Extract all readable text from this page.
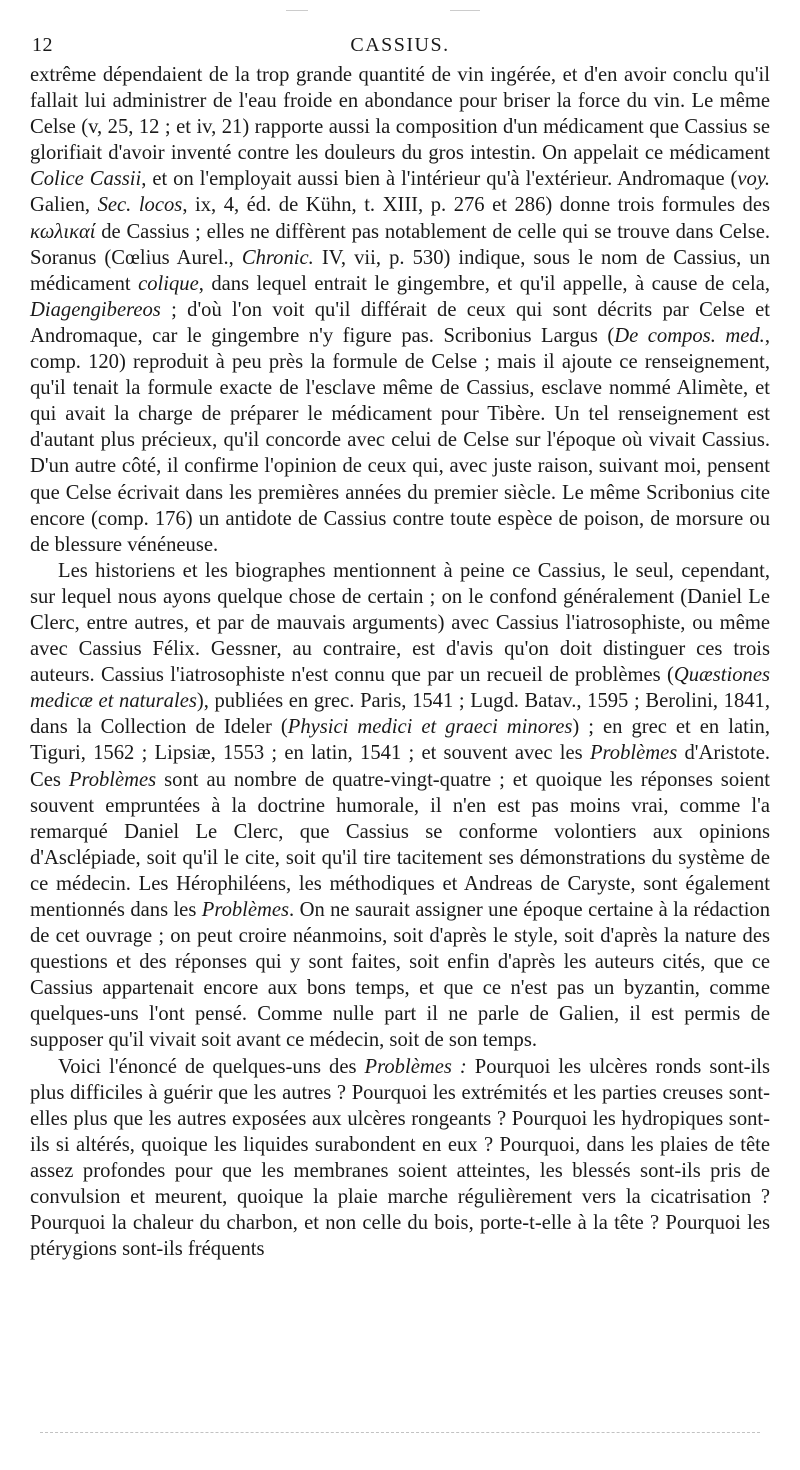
12	CASSIUS.

extrême dépendaient de la trop grande quantité de vin ingérée, et d'en avoir conclu qu'il fallait lui administrer de l'eau froide en abondance pour briser la force du vin. Le même Celse (v, 25, 12 ; et iv, 21) rapporte aussi la composition d'un médicament que Cassius se glorifiait d'avoir inventé contre les douleurs du gros intestin. On appelait ce médicament Colice Cassii, et on l'employait aussi bien à l'intérieur qu'à l'extérieur. Andromaque (voy. Galien, Sec. locos, ix, 4, éd. de Kühn, t. XIII, p. 276 et 286) donne trois formules des κωλικαί de Cassius ; elles ne diffèrent pas notablement de celle qui se trouve dans Celse. Soranus (Cœlius Aurel., Chronic. IV, vii, p. 530) indique, sous le nom de Cassius, un médicament colique, dans lequel entrait le gingembre, et qu'il appelle, à cause de cela, Diagengibereos ; d'où l'on voit qu'il différait de ceux qui sont décrits par Celse et Andromaque, car le gingembre n'y figure pas. Scribonius Largus (De compos. med., comp. 120) reproduit à peu près la formule de Celse ; mais il ajoute ce renseignement, qu'il tenait la formule exacte de l'esclave même de Cassius, esclave nommé Alimète, et qui avait la charge de préparer le médicament pour Tibère. Un tel renseignement est d'autant plus précieux, qu'il concorde avec celui de Celse sur l'époque où vivait Cassius. D'un autre côté, il confirme l'opinion de ceux qui, avec juste raison, suivant moi, pensent que Celse écrivait dans les premières années du premier siècle. Le même Scribonius cite encore (comp. 176) un antidote de Cassius contre toute espèce de poison, de morsure ou de blessure vénéneuse.

Les historiens et les biographes mentionnent à peine ce Cassius, le seul, cependant, sur lequel nous ayons quelque chose de certain ; on le confond généralement (Daniel Le Clerc, entre autres, et par de mauvais arguments) avec Cassius l'iatrosophiste, ou même avec Cassius Félix. Gessner, au contraire, est d'avis qu'on doit distinguer ces trois auteurs. Cassius l'iatrosophiste n'est connu que par un recueil de problèmes (Quæstiones medicæ et naturales), publiées en grec. Paris, 1541 ; Lugd. Batav., 1595 ; Berolini, 1841, dans la Collection de Ideler (Physici medici et graeci minores) ; en grec et en latin, Tiguri, 1562 ; Lipsiæ, 1553 ; en latin, 1541 ; et souvent avec les Problèmes d'Aristote. Ces Problèmes sont au nombre de quatre-vingt-quatre ; et quoique les réponses soient souvent empruntées à la doctrine humorale, il n'en est pas moins vrai, comme l'a remarqué Daniel Le Clerc, que Cassius se conforme volontiers aux opinions d'Asclépiade, soit qu'il le cite, soit qu'il tire tacitement ses démonstrations du système de ce médecin. Les Hérophiléens, les méthodiques et Andreas de Caryste, sont également mentionnés dans les Problèmes. On ne saurait assigner une époque certaine à la rédaction de cet ouvrage ; on peut croire néanmoins, soit d'après le style, soit d'après la nature des questions et des réponses qui y sont faites, soit enfin d'après les auteurs cités, que ce Cassius appartenait encore aux bons temps, et que ce n'est pas un byzantin, comme quelques-uns l'ont pensé. Comme nulle part il ne parle de Galien, il est permis de supposer qu'il vivait soit avant ce médecin, soit de son temps.

Voici l'énoncé de quelques-uns des Problèmes : Pourquoi les ulcères ronds sont-ils plus difficiles à guérir que les autres ? Pourquoi les extrémités et les parties creuses sont-elles plus que les autres exposées aux ulcères rongeants ? Pourquoi les hydropiques sont-ils si altérés, quoique les liquides surabondent en eux ? Pourquoi, dans les plaies de tête assez profondes pour que les membranes soient atteintes, les blessés sont-ils pris de convulsion et meurent, quoique la plaie marche régulièrement vers la cicatrisation ? Pourquoi la chaleur du charbon, et non celle du bois, porte-t-elle à la tête ? Pourquoi les ptérygions sont-ils fréquents
